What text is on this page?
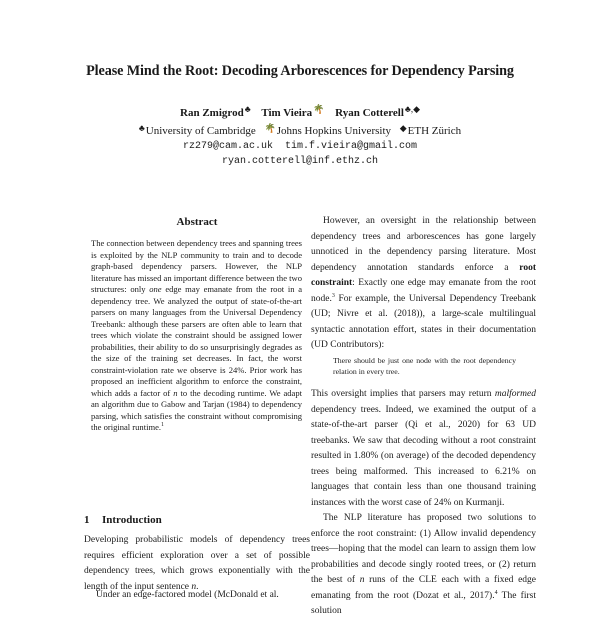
Please Mind the Root: Decoding Arborescences for Dependency Parsing
Ran Zmigrod♣ Tim Vieira🌴 Ryan Cotterell♣,◆
♣University of Cambridge 🌴Johns Hopkins University ◆ETH Zürich
rz279@cam.ac.uk  tim.f.vieira@gmail.com
ryan.cotterell@inf.ethz.ch
Abstract

The connection between dependency trees and spanning trees is exploited by the NLP community to train and to decode graph-based dependency parsers. However, the NLP literature has missed an important difference between the two structures: only one edge may emanate from the root in a dependency tree. We analyzed the output of state-of-the-art parsers on many languages from the Universal Dependency Treebank: although these parsers are often able to learn that trees which violate the constraint should be assigned lower probabilities, their ability to do so unsurprisingly degrades as the size of the training set decreases. In fact, the worst constraint-violation rate we observe is 24%. Prior work has proposed an inefficient algorithm to enforce the constraint, which adds a factor of n to the decoding runtime. We adapt an algorithm due to Gabow and Tarjan (1984) to dependency parsing, which satisfies the constraint without compromising the original runtime.$^1$

1 Introduction

Developing probabilistic models of dependency trees requires efficient exploration over a set of possible dependency trees, which grows exponentially with the length of the input sentence n.

Under an edge-factored model (McDonald et al.

However, an oversight in the relationship between dependency trees and arborescences has gone largely unnoticed in the dependency parsing literature. Most dependency annotation standards enforce a root constraint: Exactly one edge may emanate from the root node.$^3$ For example, the Universal Dependency Treebank (UD; Nivre et al. (2018)), a large-scale multilingual syntactic annotation effort, states in their documentation (UD Contributors):

There should be just one node with the root dependency relation in every tree.

This oversight implies that parsers may return malformed dependency trees. Indeed, we examined the output of a state-of-the-art parser (Qi et al., 2020) for 63 UD treebanks. We saw that decoding without a root constraint resulted in 1.80% (on average) of the decoded dependency trees being malformed. This increased to 6.21% on languages that contain less than one thousand training instances with the worst case of 24% on Kurmanji.

The NLP literature has proposed two solutions to enforce the root constraint: (1) Allow invalid dependency trees—hoping that the model can learn to assign them low probabilities and decode singly rooted trees, or (2) return the best of n runs of the CLE each with a fixed edge emanating from the root (Dozat et al., 2017).$^4$ The first solution
